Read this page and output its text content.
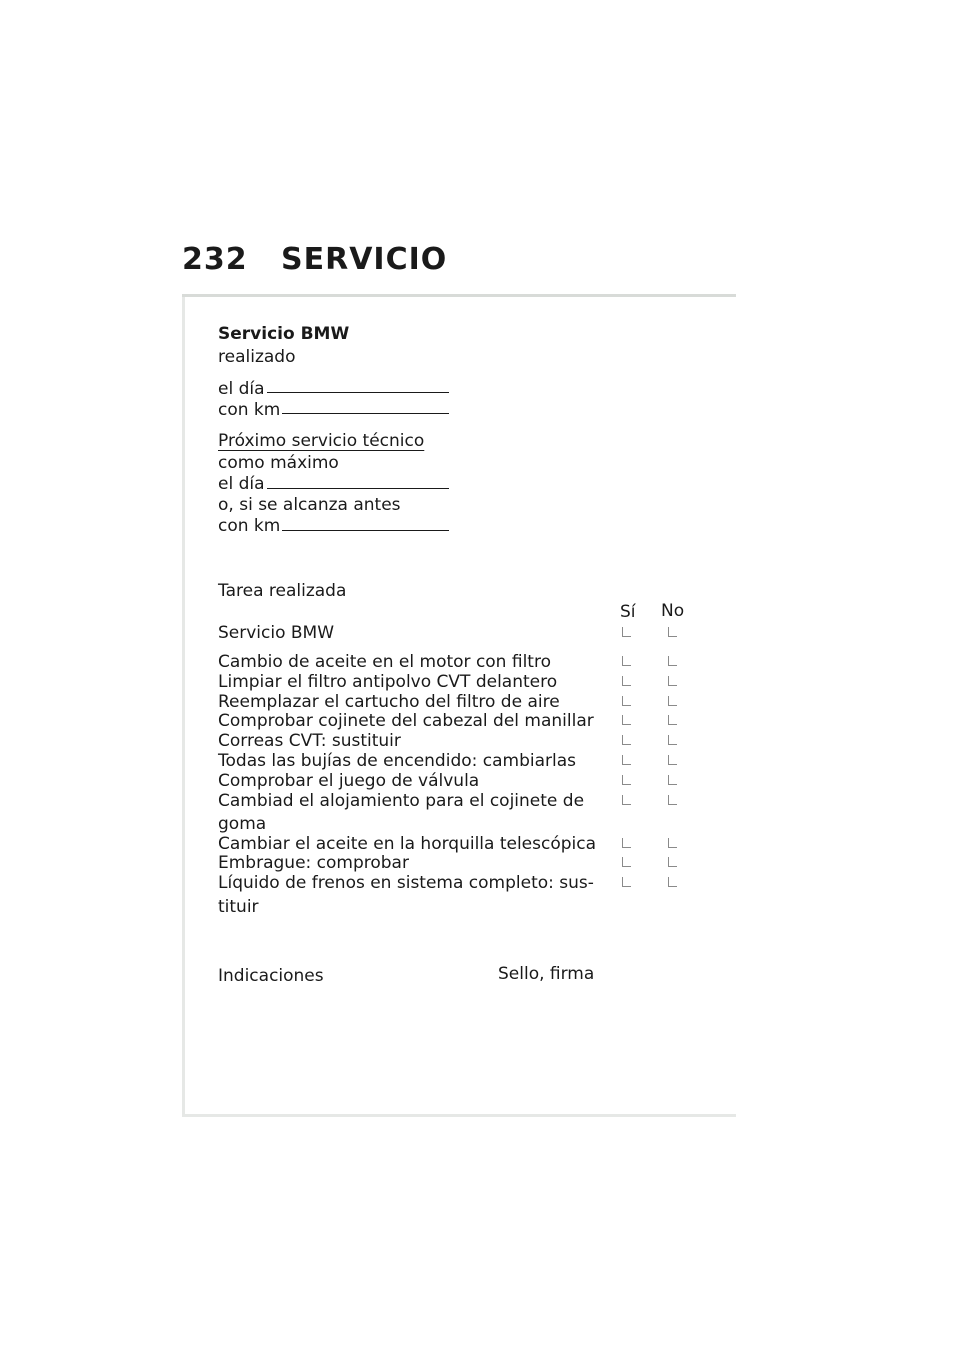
232 SERVICIO
Servicio BMW
realizado
el día
con km
Próximo servicio técnico
como máximo
el día
o, si se alcanza antes
con km
Tarea realizada
Sí No
Servicio BMW
Cambio de aceite en el motor con filtro
Limpiar el filtro antipolvo CVT delantero
Reemplazar el cartucho del filtro de aire
Comprobar cojinete del cabezal del manillar
Correas CVT: sustituir
Todas las bujías de encendido: cambiarlas
Comprobar el juego de válvula
Cambiad el alojamiento para el cojinete de
goma
Cambiar el aceite en la horquilla telescópica
Embrague: comprobar
Líquido de frenos en sistema completo: sus-
tituir
Indicaciones	Sello, firma
